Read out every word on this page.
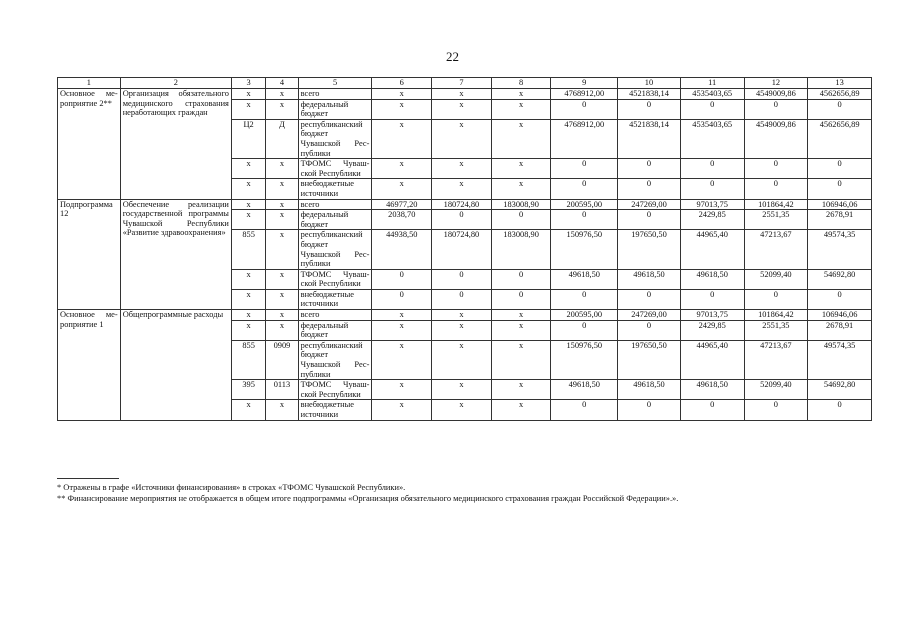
22
1	2	3	4	5	6	7	8	9	10	11	12	13
Основное мероприятие 2**	Организация обязательного медицинского страхования неработающих граждан	x	x	всего	x	x	x	4768912,00	4521838,14	4535403,65	4549009,86	4562656,89
		x	x	федеральный бюджет	x	x	x	0	0	0	0	0
		Ц2	Д	республиканский бюджет Чувашской Республики	x	x	x	4768912,00	4521838,14	4535403,65	4549009,86	4562656,89
		x	x	ТФОМС Чувашской Республики	x	x	x	0	0	0	0	0
		x	x	внебюджетные источники	x	x	x	0	0	0	0	0
Подпрограмма 12	Обеспечение реализации государственной программы Чувашской Республики «Развитие здравоохранения»	x	x	всего	46977,20	180724,80	183008,90	200595,00	247269,00	97013,75	101864,42	106946,06
		x	x	федеральный бюджет	2038,70	0	0	0	0	2429,85	2551,35	2678,91
		855	x	республиканский бюджет Чувашской Республики	44938,50	180724,80	183008,90	150976,50	197650,50	44965,40	47213,67	49574,35
		x	x	ТФОМС Чувашской Республики	0	0	0	49618,50	49618,50	49618,50	52099,40	54692,80
		x	x	внебюджетные источники	0	0	0	0	0	0	0	0
Основное мероприятие 1	Общепрограммные расходы	x	x	всего	x	x	x	200595,00	247269,00	97013,75	101864,42	106946,06
		x	x	федеральный бюджет	x	x	x	0	0	2429,85	2551,35	2678,91
		855	0909	республиканский бюджет Чувашской Республики	x	x	x	150976,50	197650,50	44965,40	47213,67	49574,35
		395	0113	ТФОМС Чувашской Республики	x	x	x	49618,50	49618,50	49618,50	52099,40	54692,80
		x	x	внебюджетные источники	x	x	x	0	0	0	0	0
* Отражены в графе «Источники финансирования» в строках «ТФОМС Чувашской Республики».
** Финансирование мероприятия не отображается в общем итоге подпрограммы «Организация обязательного медицинского страхования граждан Российской Федерации».».
